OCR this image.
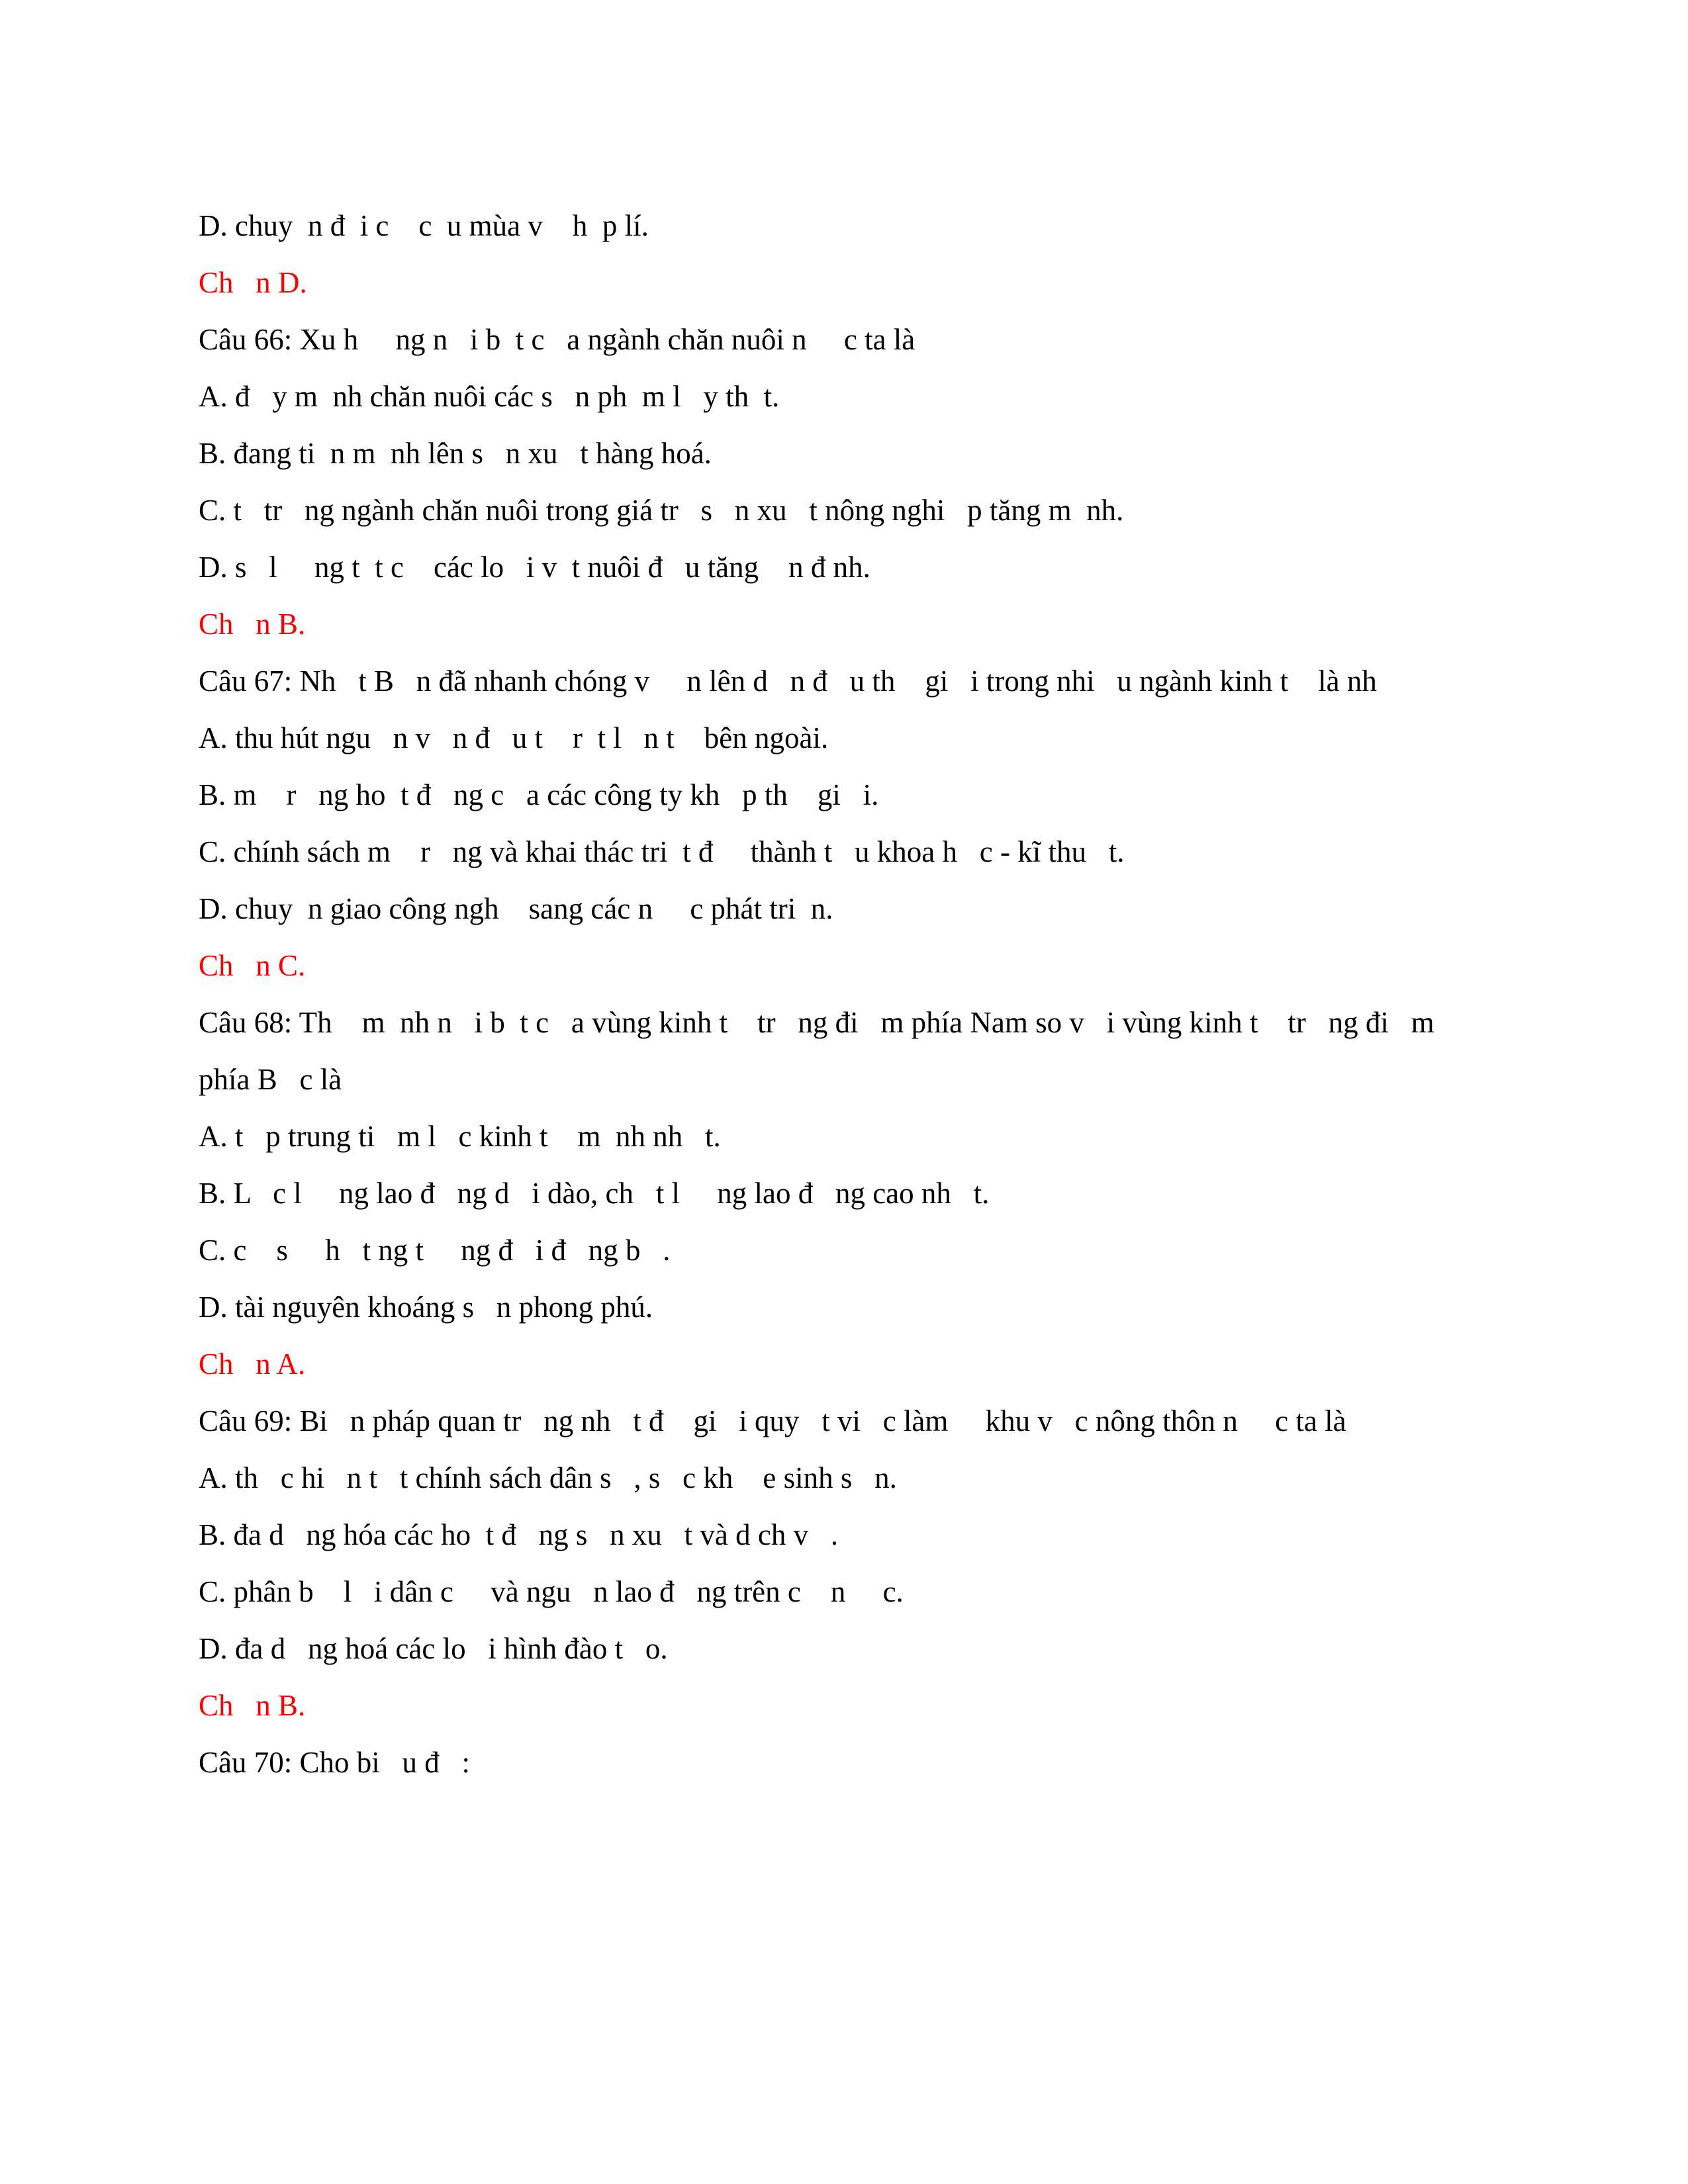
D. chuy  n đ  i c    c  u mùa v    h  p lí.

Ch   n D.

Câu 66: Xu h     ng n   i b  t c   a ngành chăn nuôi n     c ta là

A. đ   y m  nh chăn nuôi các s   n ph  m l   y th  t.

B. đang ti  n m  nh lên s   n xu   t hàng hoá.

C. t   tr   ng ngành chăn nuôi trong giá tr   s   n xu   t nông nghi   p tăng m  nh.

D. s   l     ng t  t c    các lo   i v  t nuôi đ   u tăng    n đ nh.

Ch   n B.

Câu 67: Nh   t B   n đã nhanh chóng v     n lên d   n đ   u th    gi   i trong nhi   u ngành kinh t    là nh

A. thu hút ngu   n v   n đ   u t    r  t l   n t    bên ngoài.

B. m    r   ng ho  t đ   ng c   a các công ty kh   p th    gi   i.

C. chính sách m    r   ng và khai thác tri  t đ     thành t   u khoa h   c - kĩ thu   t.

D. chuy  n giao công ngh    sang các n     c phát tri  n.

Ch   n C.

Câu 68: Th    m  nh n   i b  t c   a vùng kinh t    tr   ng đi   m phía Nam so v   i vùng kinh t    tr   ng đi   m

phía B   c là

A. t   p trung ti   m l   c kinh t    m  nh nh   t.

B. L   c l     ng lao đ   ng d   i dào, ch   t l     ng lao đ   ng cao nh   t.

C. c    s     h   t ng t     ng đ   i đ   ng b   .

D. tài nguyên khoáng s   n phong phú.

Ch   n A.

Câu 69: Bi   n pháp quan tr   ng nh   t đ    gi   i quy   t vi   c làm     khu v   c nông thôn n     c ta là

A. th   c hi   n t   t chính sách dân s   , s   c kh    e sinh s   n.

B. đa d   ng hóa các ho  t đ   ng s   n xu   t và d ch v   .

C. phân b    l   i dân c     và ngu   n lao đ   ng trên c    n     c.

D. đa d   ng hoá các lo   i hình đào t   o.

Ch   n B.

Câu 70: Cho bi   u đ   :
